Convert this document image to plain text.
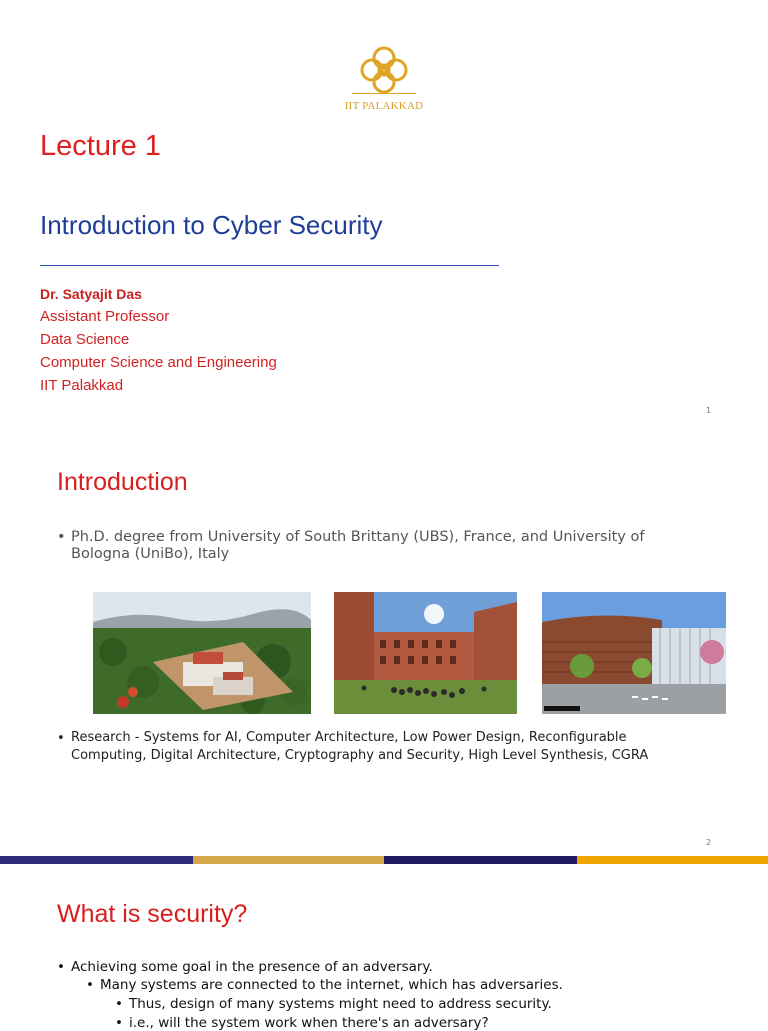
IIT PALAKKAD
Lecture 1
Introduction to Cyber Security
Dr. Satyajit Das
Assistant Professor
Data Science
Computer Science and Engineering
IIT Palakkad
1
Introduction
• Ph.D. degree from University of South Brittany (UBS), France, and University of Bologna (UniBo), Italy
• Research - Systems for AI, Computer Architecture, Low Power Design, Reconfigurable Computing, Digital Architecture, Cryptography and Security, High Level Synthesis, CGRA
2
What is security?
• Achieving some goal in the presence of an adversary.
• Many systems are connected to the internet, which has adversaries.
• Thus, design of many systems might need to address security.
• i.e., will the system work when there's an adversary?
